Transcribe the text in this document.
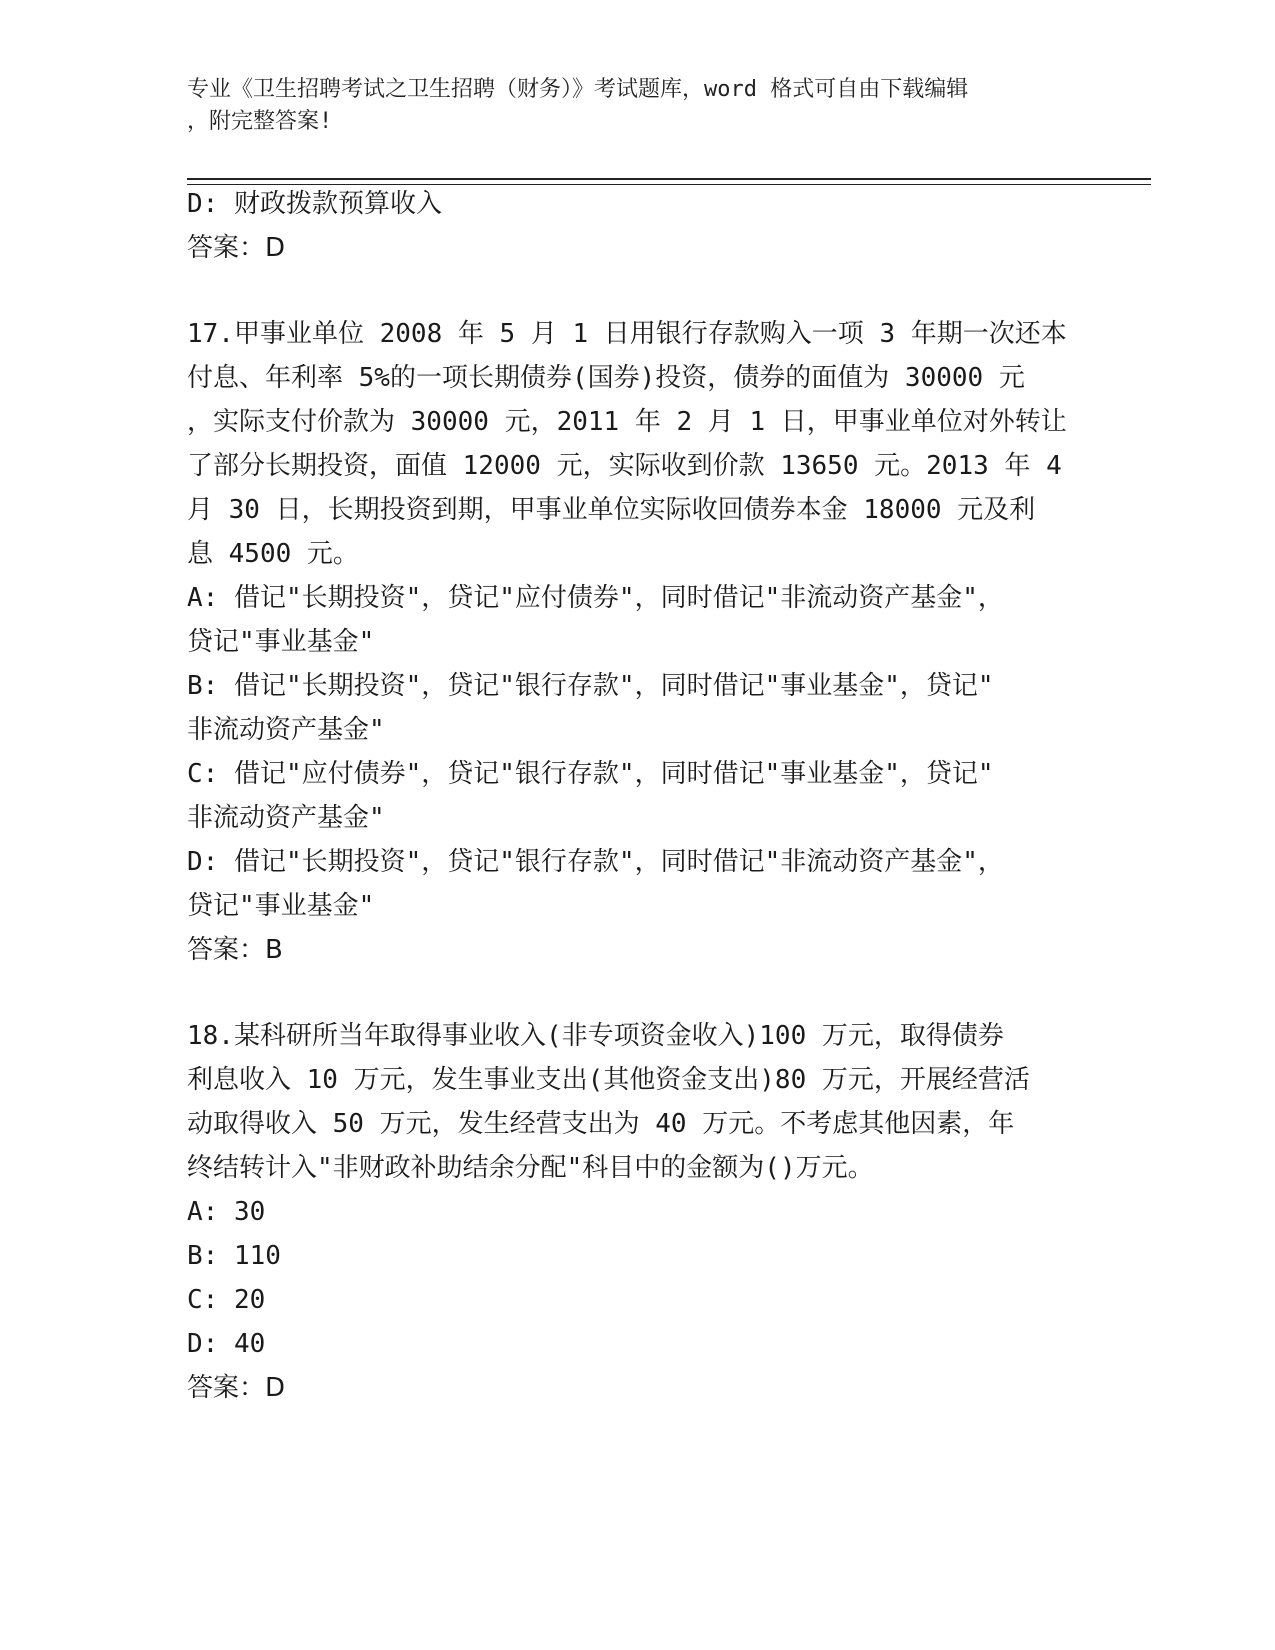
专业《卫生招聘考试之卫生招聘（财务）》考试题库，word 格式可自由下载编辑
，附完整答案!
D: 财政拨款预算收入
答案：D
17.甲事业单位 2008 年 5 月 1 日用银行存款购入一项 3 年期一次还本
付息、年利率 5%的一项长期债券(国券)投资，债券的面值为 30000 元
，实际支付价款为 30000 元，2011 年 2 月 1 日，甲事业单位对外转让
了部分长期投资，面值 12000 元，实际收到价款 13650 元。2013 年 4
月 30 日，长期投资到期，甲事业单位实际收回债券本金 18000 元及利
息 4500 元。
A: 借记"长期投资"，贷记"应付债券"，同时借记"非流动资产基金"，
贷记"事业基金"
B: 借记"长期投资"，贷记"银行存款"，同时借记"事业基金"，贷记"
非流动资产基金"
C: 借记"应付债券"，贷记"银行存款"，同时借记"事业基金"，贷记"
非流动资产基金"
D: 借记"长期投资"，贷记"银行存款"，同时借记"非流动资产基金"，
贷记"事业基金"
答案：B
18.某科研所当年取得事业收入(非专项资金收入)100 万元，取得债券
利息收入 10 万元，发生事业支出(其他资金支出)80 万元，开展经营活
动取得收入 50 万元，发生经营支出为 40 万元。不考虑其他因素，年
终结转计入"非财政补助结余分配"科目中的金额为()万元。
A: 30
B: 110
C: 20
D: 40
答案：D
